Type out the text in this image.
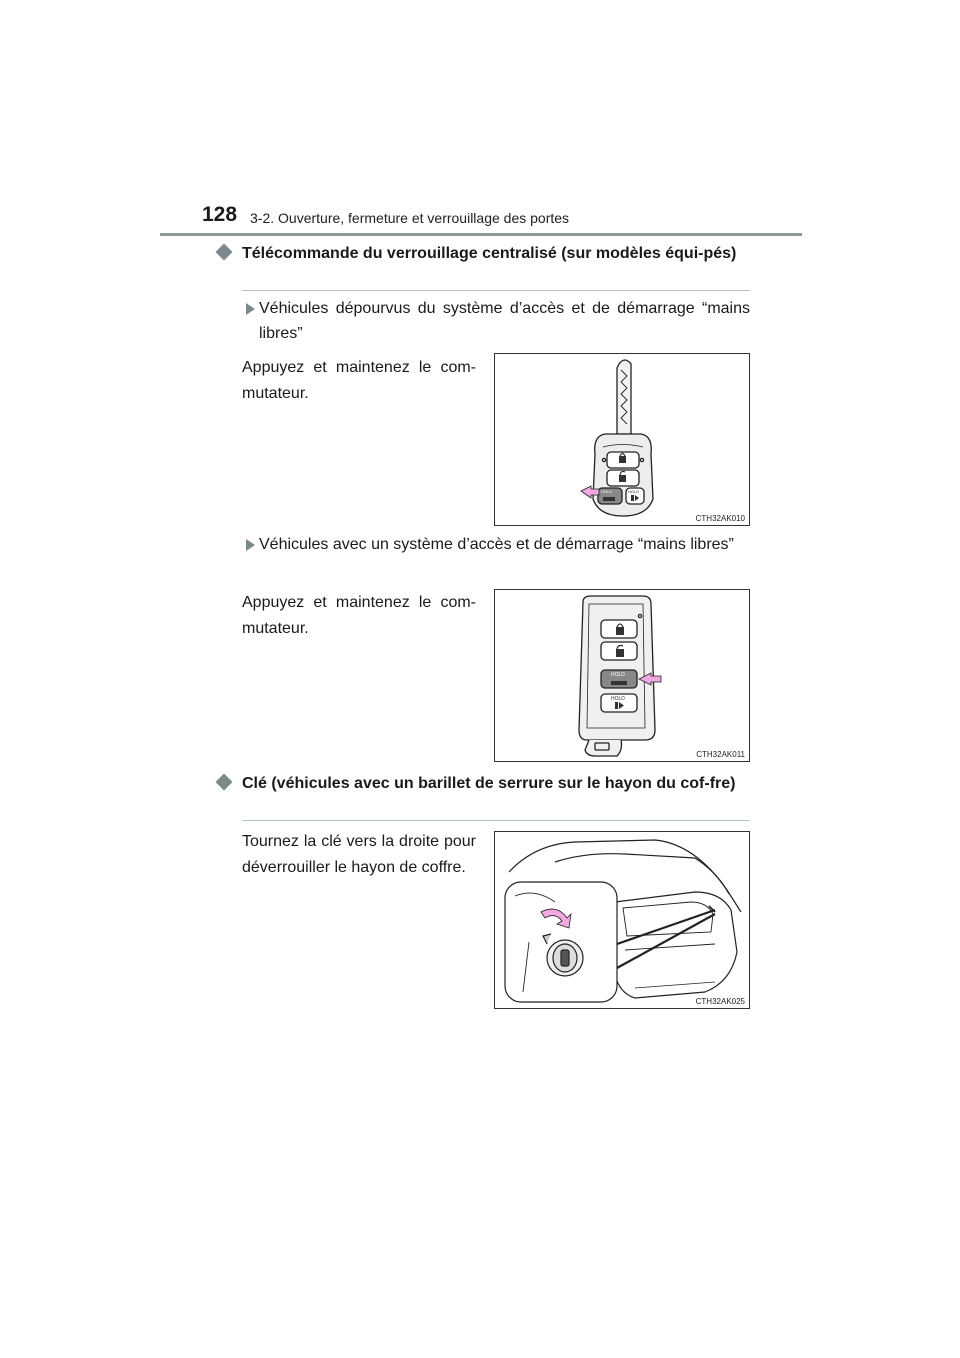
128 3-2. Ouverture, fermeture et verrouillage des portes
Télécommande du verrouillage centralisé (sur modèles équi-pés)
Véhicules dépourvus du système d’accès et de démarrage “mains libres”
Appuyez et maintenez le com-mutateur.
HOLD	HOLD
CTH32AK010
Véhicules avec un système d’accès et de démarrage “mains libres”
Appuyez et maintenez le com-mutateur.
HOLD
HOLD
CTH32AK011
Clé (véhicules avec un barillet de serrure sur le hayon du cof-fre)
Tournez la clé vers la droite pour déverrouiller le hayon de coffre.
CTH32AK025
